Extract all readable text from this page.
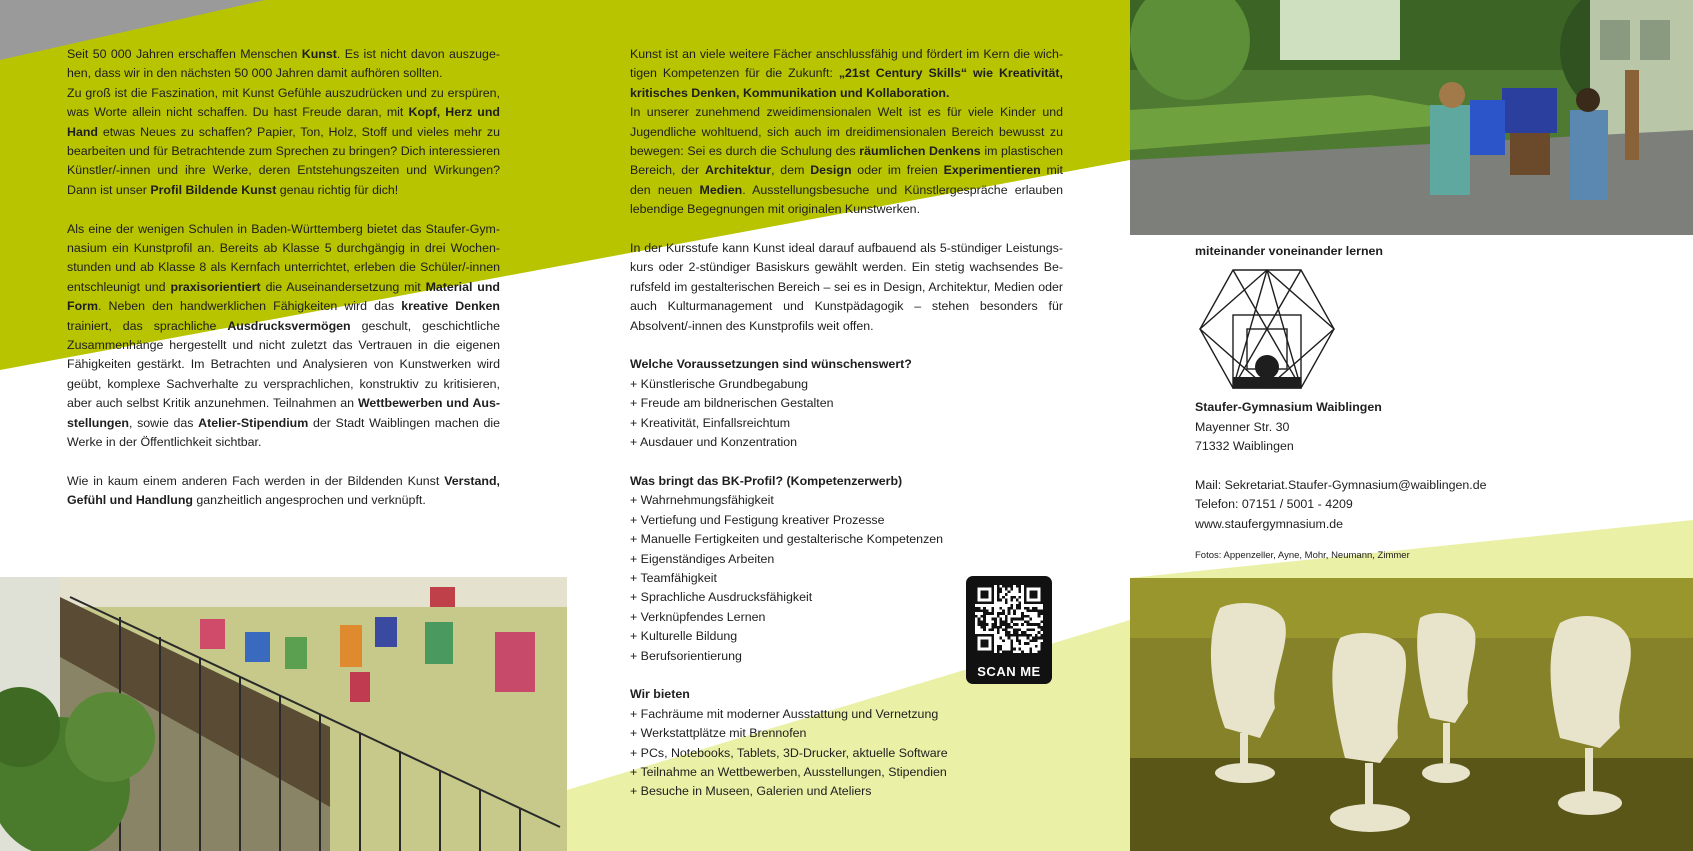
Seit 50 000 Jahren erschaffen Menschen Kunst. Es ist nicht davon auszugehen, dass wir in den nächsten 50 000 Jahren damit aufhören sollten.
Zu groß ist die Faszination, mit Kunst Gefühle auszudrücken und zu erspüren, was Worte allein nicht schaffen. Du hast Freude daran, mit Kopf, Herz und Hand etwas Neues zu schaffen? Papier, Ton, Holz, Stoff und vieles mehr zu bearbeiten und für Betrachtende zum Sprechen zu bringen? Dich interessieren Künstler/-innen und ihre Werke, deren Entstehungszeiten und Wirkungen? Dann ist unser Profil Bildende Kunst genau richtig für dich!
Als eine der wenigen Schulen in Baden-Württemberg bietet das Staufer-Gymnasium ein Kunstprofil an. Bereits ab Klasse 5 durchgängig in drei Wochenstunden und ab Klasse 8 als Kernfach unterrichtet, erleben die Schüler/-innen entschleunigt und praxisorientiert die Auseinandersetzung mit Material und Form. Neben den handwerklichen Fähigkeiten wird das kreative Denken trainiert, das sprachliche Ausdrucksvermögen geschult, geschichtliche Zusammenhänge hergestellt und nicht zuletzt das Vertrauen in die eigenen Fähigkeiten gestärkt. Im Betrachten und Analysieren von Kunstwerken wird geübt, komplexe Sachverhalte zu versprachlichen, konstruktiv zu kritisieren, aber auch selbst Kritik anzunehmen. Teilnahmen an Wettbewerben und Ausstellungen, sowie das Atelier-Stipendium der Stadt Waiblingen machen die Werke in der Öffentlichkeit sichtbar.
Wie in kaum einem anderen Fach werden in der Bildenden Kunst Verstand, Gefühl und Handlung ganzheitlich angesprochen und verknüpft.
Kunst ist an viele weitere Fächer anschlussfähig und fördert im Kern die wichtigen Kompetenzen für die Zukunft: „21st Century Skills“ wie Kreativität, kritisches Denken, Kommunikation und Kollaboration.
In unserer zunehmend zweidimensionalen Welt ist es für viele Kinder und Jugendliche wohltuend, sich auch im dreidimensionalen Bereich bewusst zu bewegen: Sei es durch die Schulung des räumlichen Denkens im plastischen Bereich, der Architektur, dem Design oder im freien Experimentieren mit den neuen Medien. Ausstellungsbesuche und Künstlergespräche erlauben lebendige Begegnungen mit originalen Kunstwerken.
In der Kursstufe kann Kunst ideal darauf aufbauend als 5-stündiger Leistungskurs oder 2-stündiger Basiskurs gewählt werden. Ein stetig wachsendes Berufsfeld im gestalterischen Bereich – sei es in Design, Architektur, Medien oder auch Kulturmanagement und Kunstpädagogik – stehen besonders für Absolvent/-innen des Kunstprofils weit offen.
Welche Voraussetzungen sind wünschenswert?
+ Künstlerische Grundbegabung
+ Freude am bildnerischen Gestalten
+ Kreativität, Einfallsreichtum
+ Ausdauer und Konzentration
Was bringt das BK-Profil? (Kompetenzerwerb)
+ Wahrnehmungsfähigkeit
+ Vertiefung und Festigung kreativer Prozesse
+ Manuelle Fertigkeiten und gestalterische Kompetenzen
+ Eigenständiges Arbeiten
+ Teamfähigkeit
+ Sprachliche Ausdrucksfähigkeit
+ Verknüpfendes Lernen
+ Kulturelle Bildung
+ Berufsorientierung
Wir bieten
+ Fachräume mit moderner Ausstattung und Vernetzung
+ Werkstattplätze mit Brennofen
+ PCs, Notebooks, Tablets, 3D-Drucker, aktuelle Software
+ Teilnahme an Wettbewerben, Ausstellungen, Stipendien
+ Besuche in Museen, Galerien und Ateliers
SCAN ME
miteinander voneinander lernen
Staufer-Gymnasium Waiblingen
Mayenner Str. 30
71332 Waiblingen
Mail: Sekretariat.Staufer-Gymnasium@waiblingen.de
Telefon: 07151 / 5001 - 4209
www.staufergymnasium.de
Fotos: Appenzeller, Ayne, Mohr, Neumann, Zimmer
